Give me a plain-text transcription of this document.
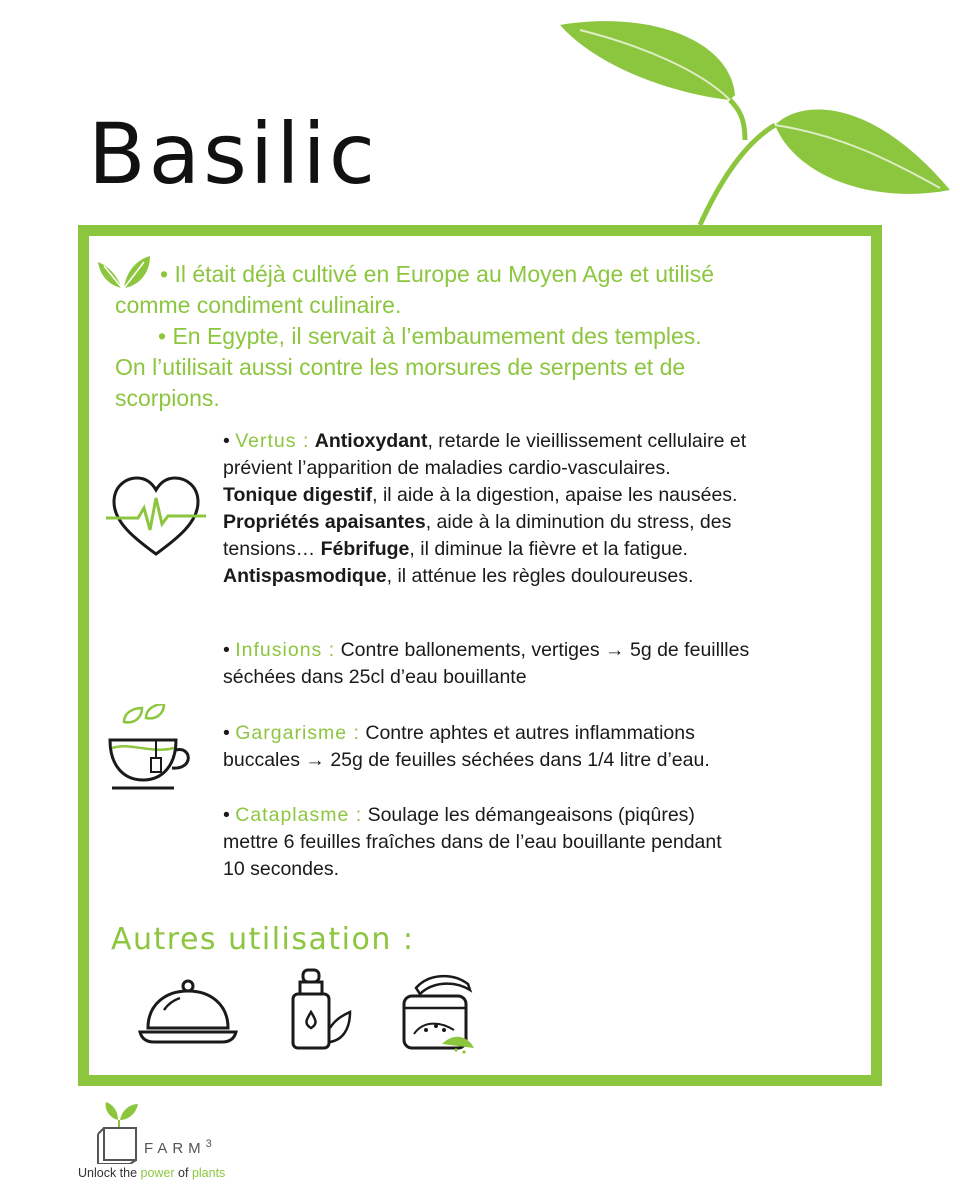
Basilic

• Il était déjà cultivé en Europe au Moyen Age et utilisé

comme condiment culinaire.

• En Egypte, il servait à l’embaumement des temples.

On l’utilisait aussi contre les morsures de serpents et de

scorpions.

• Vertus : Antioxydant, retarde le vieillissement cellulaire et
prévient l’apparition de maladies cardio-vasculaires.
Tonique digestif, il aide à la digestion, apaise les nausées.
Propriétés apaisantes, aide à la diminution du stress, des
tensions… Fébrifuge, il diminue la fièvre et la fatigue.
Antispasmodique, il atténue les règles douloureuses.
• Infusions : Contre ballonements, vertiges → 5g de feuillles
séchées dans 25cl d’eau bouillante
• Gargarisme : Contre aphtes et autres inflammations
buccales → 25g de feuilles séchées dans 1/4 litre d’eau.
• Cataplasme : Soulage les démangeaisons (piqûres)
mettre 6 feuilles fraîches dans de l’eau bouillante pendant
10 secondes.
Autres utilisation :
FARM$^3$

Unlock the power of plants
